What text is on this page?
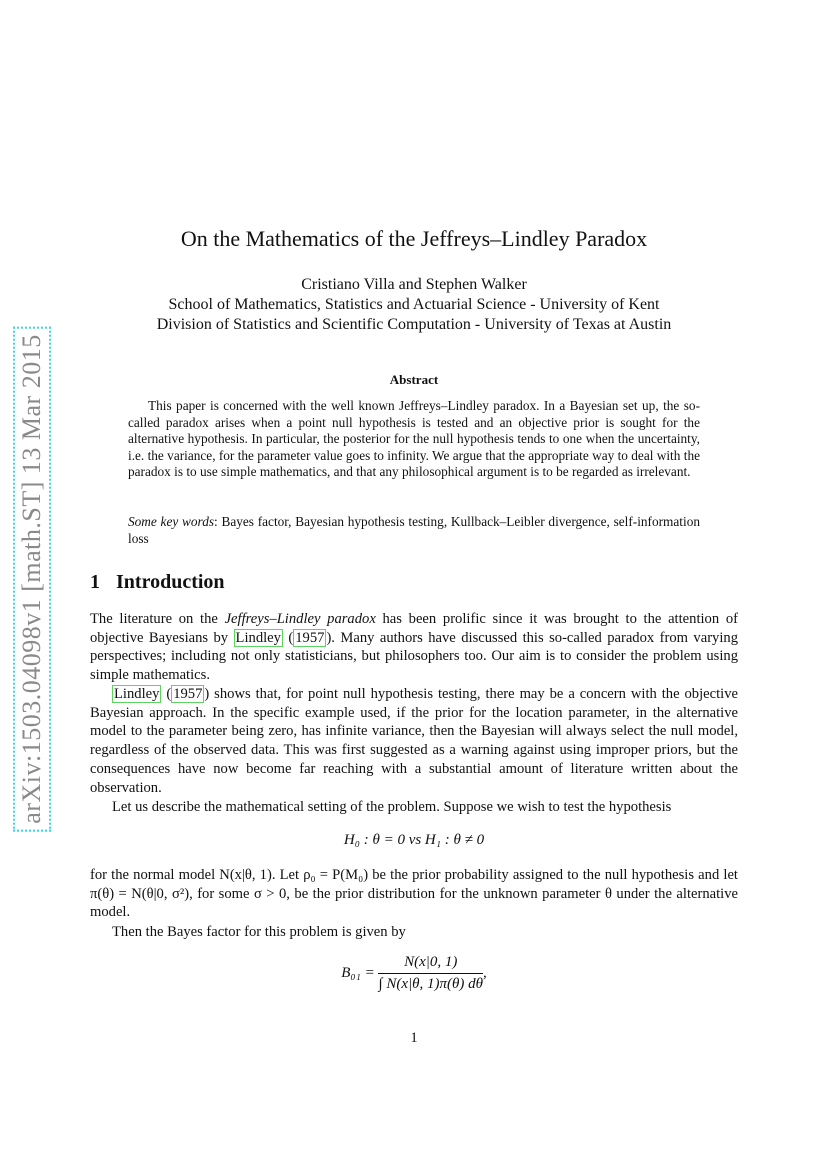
arXiv:1503.04098v1 [math.ST] 13 Mar 2015
On the Mathematics of the Jeffreys–Lindley Paradox
Cristiano Villa and Stephen Walker
School of Mathematics, Statistics and Actuarial Science - University of Kent
Division of Statistics and Scientific Computation - University of Texas at Austin
Abstract
This paper is concerned with the well known Jeffreys–Lindley paradox. In a Bayesian set up, the so-called paradox arises when a point null hypothesis is tested and an objective prior is sought for the alternative hypothesis. In particular, the posterior for the null hypothesis tends to one when the uncertainty, i.e. the variance, for the parameter value goes to infinity. We argue that the appropriate way to deal with the paradox is to use simple mathematics, and that any philosophical argument is to be regarded as irrelevant.
Some key words: Bayes factor, Bayesian hypothesis testing, Kullback–Leibler divergence, self-information loss
1 Introduction
The literature on the Jeffreys–Lindley paradox has been prolific since it was brought to the attention of objective Bayesians by Lindley ( 1957 ). Many authors have discussed this so-called paradox from varying perspectives; including not only statisticians, but philosophers too. Our aim is to consider the problem using simple mathematics.
Lindley ( 1957 ) shows that, for point null hypothesis testing, there may be a concern with the objective Bayesian approach. In the specific example used, if the prior for the location parameter, in the alternative model to the parameter being zero, has infinite variance, then the Bayesian will always select the null model, regardless of the observed data. This was first suggested as a warning against using improper priors, but the consequences have now become far reaching with a substantial amount of literature written about the observation.
Let us describe the mathematical setting of the problem. Suppose we wish to test the hypothesis
H₀ : θ = 0 vs H₁ : θ ≠ 0
for the normal model N(x|θ, 1). Let ρ₀ = P(M₀) be the prior probability assigned to the null hypothesis and let π(θ) = N(θ|0, σ²), for some σ > 0, be the prior distribution for the unknown parameter θ under the alternative model.
Then the Bayes factor for this problem is given by
$B_{01} = \frac{N(x|0, 1)}{\int N(x|\theta, 1)\pi(\theta) d\theta}$ ,
1
